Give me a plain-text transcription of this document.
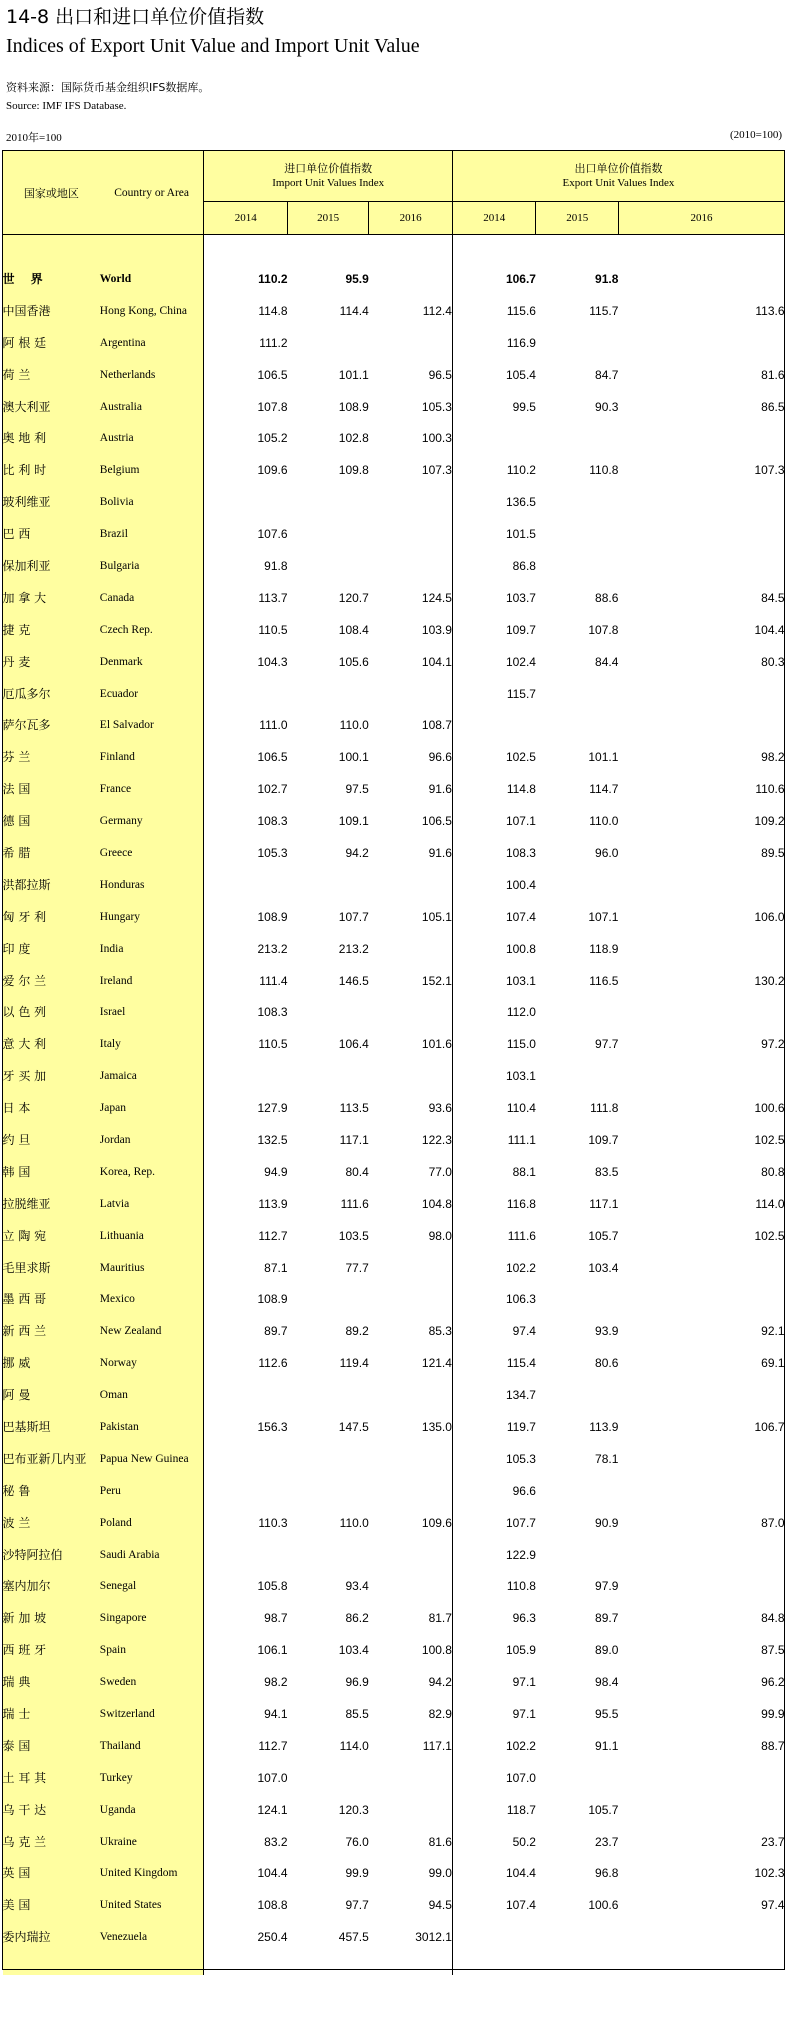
14-8 出口和进口单位价值指数
Indices of Export Unit Value and Import Unit Value
资料来源：国际货币基金组织IFS数据库。
Source: IMF IFS Database.
2010年=100	(2010=100)
国家或地区	Country or Area	进口单位价值指数
Import Unit Values Index			出口单位价值指数
Export Unit Values Index		

		2014	2015	2016	2014	2015	2016

世 界	World	110.2	95.9		106.7	91.8	
中国香港	Hong Kong, China	114.8	114.4	112.4	115.6	115.7	113.6
阿 根 廷	Argentina	111.2			116.9		
荷 兰	Netherlands	106.5	101.1	96.5	105.4	84.7	81.6
澳大利亚	Australia	107.8	108.9	105.3	99.5	90.3	86.5
奥 地 利	Austria	105.2	102.8	100.3			
比 利 时	Belgium	109.6	109.8	107.3	110.2	110.8	107.3
玻利维亚	Bolivia				136.5		
巴 西	Brazil	107.6			101.5		
保加利亚	Bulgaria	91.8			86.8		
加 拿 大	Canada	113.7	120.7	124.5	103.7	88.6	84.5
捷 克	Czech Rep.	110.5	108.4	103.9	109.7	107.8	104.4
丹 麦	Denmark	104.3	105.6	104.1	102.4	84.4	80.3
厄瓜多尔	Ecuador				115.7		
萨尔瓦多	El Salvador	111.0	110.0	108.7			
芬 兰	Finland	106.5	100.1	96.6	102.5	101.1	98.2
法 国	France	102.7	97.5	91.6	114.8	114.7	110.6
德 国	Germany	108.3	109.1	106.5	107.1	110.0	109.2
希 腊	Greece	105.3	94.2	91.6	108.3	96.0	89.5
洪都拉斯	Honduras				100.4		
匈 牙 利	Hungary	108.9	107.7	105.1	107.4	107.1	106.0
印 度	India	213.2	213.2		100.8	118.9	
爱 尔 兰	Ireland	111.4	146.5	152.1	103.1	116.5	130.2
以 色 列	Israel	108.3			112.0		
意 大 利	Italy	110.5	106.4	101.6	115.0	97.7	97.2
牙 买 加	Jamaica				103.1		
日 本	Japan	127.9	113.5	93.6	110.4	111.8	100.6
约 旦	Jordan	132.5	117.1	122.3	111.1	109.7	102.5
韩 国	Korea, Rep.	94.9	80.4	77.0	88.1	83.5	80.8
拉脱维亚	Latvia	113.9	111.6	104.8	116.8	117.1	114.0
立 陶 宛	Lithuania	112.7	103.5	98.0	111.6	105.7	102.5
毛里求斯	Mauritius	87.1	77.7		102.2	103.4	
墨 西 哥	Mexico	108.9			106.3		
新 西 兰	New Zealand	89.7	89.2	85.3	97.4	93.9	92.1
挪 威	Norway	112.6	119.4	121.4	115.4	80.6	69.1
阿 曼	Oman				134.7		
巴基斯坦	Pakistan	156.3	147.5	135.0	119.7	113.9	106.7
巴布亚新几内亚	Papua New Guinea				105.3	78.1	
秘 鲁	Peru				96.6		
波 兰	Poland	110.3	110.0	109.6	107.7	90.9	87.0
沙特阿拉伯	Saudi Arabia				122.9		
塞内加尔	Senegal	105.8	93.4		110.8	97.9	
新 加 坡	Singapore	98.7	86.2	81.7	96.3	89.7	84.8
西 班 牙	Spain	106.1	103.4	100.8	105.9	89.0	87.5
瑞 典	Sweden	98.2	96.9	94.2	97.1	98.4	96.2
瑞 士	Switzerland	94.1	85.5	82.9	97.1	95.5	99.9
泰 国	Thailand	112.7	114.0	117.1	102.2	91.1	88.7
土 耳 其	Turkey	107.0			107.0		
乌 干 达	Uganda	124.1	120.3		118.7	105.7	
乌 克 兰	Ukraine	83.2	76.0	81.6	50.2	23.7	23.7
英 国	United Kingdom	104.4	99.9	99.0	104.4	96.8	102.3
美 国	United States	108.8	97.7	94.5	107.4	100.6	97.4
委内瑞拉	Venezuela	250.4	457.5	3012.1			
